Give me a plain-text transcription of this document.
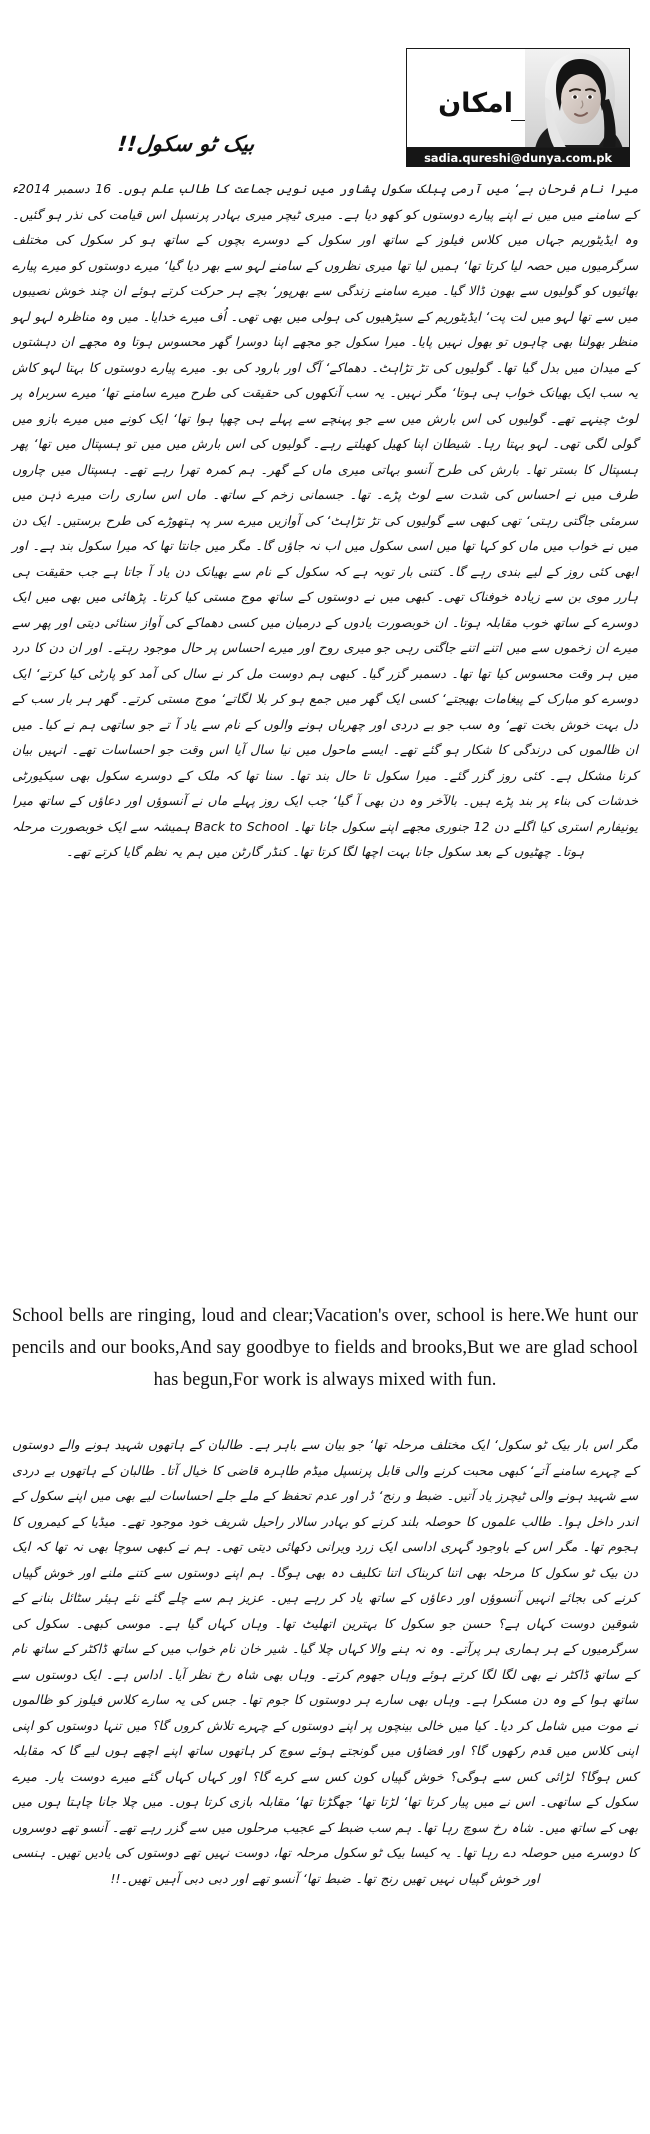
امکان
sadia.qureshi@dunya.com.pk
بیک ٹو سکول!!
میرا نام فرحان ہے‘ میں آرمی پبلک سکول پشاور میں نویں جماعت کا طالب علم ہوں۔ 16 دسمبر 2014ء کے سامنے میں میں نے اپنے پیارے دوستوں کو کھو دیا ہے۔ میری ٹیچر میری بہادر پرنسپل اس قیامت کی نذر ہو گئیں۔ وہ ایڈیٹوریم جہاں میں کلاس فیلوز کے ساتھ اور سکول کے دوسرے بچوں کے ساتھ ہو کر سکول کی مختلف سرگرمیوں میں حصہ لیا کرتا تھا‘ ہمیں لیا تھا میری نظروں کے سامنے لہو سے بھر دیا گیا‘ میرے دوستوں کو میرے پیارے بھائیوں کو گولیوں سے بھون ڈالا گیا۔ میرے سامنے زندگی سے بھرپور‘ بچے ہر حرکت کرتے ہوئے ان چند خوش نصیبوں میں سے تھا لہو میں لت پت‘ ایڈیٹوریم کے سیڑھیوں کی ہولی میں بھی تھی۔ اُف میرے خدایا۔ میں وہ مناظرہ لہو لہو منظر بھولنا بھی چاہوں تو بھول نہیں پایا۔ میرا سکول جو مجھے اپنا دوسرا گھر محسوس ہوتا وہ مجھے ان دہشتوں کے میدان میں بدل گیا تھا۔ گولیوں کی تڑ تڑاہٹ۔ دھماکے‘ آگ اور بارود کی بو۔ میرے پیارے دوستوں کا بہتا لہو کاش یہ سب ایک بھیانک خواب ہی ہوتا‘ مگر نہیں۔ یہ سب آنکھوں کی حقیقت کی طرح میرے سامنے تھا‘ میرے سربراہ پر لوٹ چینہے تھے۔ گولیوں کی اس بارش میں سے جو پہنچے سے پہلے ہی چھپا ہوا تھا‘ ایک کونے میں میرے بازو میں گولی لگی تھی۔ لہو بہتا رہا۔ شیطان اپنا کھیل کھیلتے رہے۔ گولیوں کی اس بارش میں میں تو ہسپتال میں تھا‘ پھر ہسپتال کا بستر تھا۔ بارش کی طرح آنسو بہاتی میری ماں کے گھر۔ ہم کمرہ تھرا رہے تھے۔ ہسپتال میں چاروں طرف میں نے احساس کی شدت سے لوٹ پڑے۔ تھا۔ جسمانی زخم کے ساتھ۔ ماں اس ساری رات میرے ذہن میں سرمئی جاگتی رہتی‘ تھی کبھی سے گولیوں کی تڑ تڑاہٹ‘ کی آوازیں میرے سر پہ ہتھوڑے کی طرح برستیں۔ ایک دن میں نے خواب میں ماں کو کہا تھا میں اسی سکول میں اب نہ جاؤں گا۔ مگر میں جانتا تھا کہ میرا سکول بند ہے۔ اور ابھی کئی روز کے لیے بندی رہے گا۔ کتنی بار توبہ ہے کہ سکول کے نام سے بھیانک دن یاد آ جاتا ہے جب حقیقت ہی ہارر موی بن سے زیادہ خوفناک تھی۔ کبھی میں نے دوستوں کے ساتھ موج مستی کیا کرتا۔ پڑھائی میں بھی میں ایک دوسرے کے ساتھ خوب مقابلہ ہوتا۔ ان خوبصورت یادوں کے درمیان میں کسی دھماکے کی آواز سنائی دیتی اور پھر سے میرے ان زخموں سے میں اتنے اتنے جاگتی رہی جو میری روح اور میرے احساس پر حال موجود رہتے۔ اور ان دن کا درد میں ہر وقت محسوس کیا تھا تھا۔ دسمبر گزر گیا۔ کبھی ہم دوست مل کر نے سال کی آمد کو پارٹی کیا کرتے‘ ایک دوسرے کو مبارک کے پیغامات بھیجتے‘ کسی ایک گھر میں جمع ہو کر بلا لگاتے‘ موج مستی کرتے۔ گھر ہر بار سب کے دل بہت خوش بخت تھے‘ وہ سب جو بے دردی اور چھریاں ہونے والوں کے نام سے یاد آ تے جو ساتھی ہم نے کیا۔ میں ان ظالموں کی درندگی کا شکار ہو گئے تھے۔ ایسے ماحول میں نیا سال آیا اس وقت جو احساسات تھے۔ انہیں بیان کرنا مشکل ہے۔ کئی روز گزر گئے۔ میرا سکول تا حال بند تھا۔ سنا تھا کہ ملک کے دوسرے سکول بھی سیکیورٹی خدشات کی بناء پر بند پڑے ہیں۔ بالآخر وہ دن بھی آ گیا‘ جب ایک روز پہلے ماں نے آنسوؤں اور دعاؤں کے ساتھ میرا یونیفارم استری کیا اگلے دن 12 جنوری مجھے اپنے سکول جانا تھا۔ Back to School ہمیشہ سے ایک خوبصورت مرحلہ ہوتا۔ چھٹیوں کے بعد سکول جانا بہت اچھا لگا کرتا تھا۔ کنڈر گارٹن میں ہم یہ نظم گایا کرتے تھے۔
School bells are ringing, loud and clear;Vacation's over, school is here.We hunt our pencils and our books,And say goodbye to fields and brooks,But we are glad school has begun,For work is always mixed with fun.
مگر اس بار بیک ٹو سکول‘ ایک مختلف مرحلہ تھا‘ جو بیان سے باہر ہے۔ طالبان کے ہاتھوں شہید ہونے والے دوستوں کے چہرے سامنے آتے‘ کبھی محبت کرنے والی قابل پرنسپل میڈم طاہرہ قاضی کا خیال آتا۔ طالبان کے ہاتھوں بے دردی سے شہید ہونے والی ٹیچرز یاد آتیں۔ ضبط و رنج‘ ڈر اور عدم تحفظ کے ملے جلے احساسات لیے بھی میں اپنے سکول کے اندر داخل ہوا۔ طالب علموں کا حوصلہ بلند کرنے کو بہادر سالار راحیل شریف خود موجود تھے۔ میڈیا کے کیمروں کا ہجوم تھا۔ مگر اس کے باوجود گہری اداسی ایک زرد ویرانی دکھائی دیتی تھی۔ ہم نے کبھی سوچا بھی نہ تھا کہ ایک دن بیک ٹو سکول کا مرحلہ بھی اتنا کربناک اتنا تکلیف دہ بھی ہوگا۔ ہم اپنے دوستوں سے کتنے ملنے اور خوش گپیاں کرنے کی بجائے انہیں آنسوؤں اور دعاؤں کے ساتھ یاد کر رہے ہیں۔ عزیز ہم سے چلے گئے نئے ہیئر سٹائل بنانے کے شوقین دوست کہاں ہے؟ حسن جو سکول کا بہترین اتھلیٹ تھا۔ وہاں کہاں گیا ہے۔ موسی کبھی۔ سکول کی سرگرمیوں کے ہر ہماری ہر پرآتے۔ وہ نہ ہنے والا کہاں چلا گیا۔ شیر خان نام خواب میں کے ساتھ ڈاکٹر کے ساتھ نام کے ساتھ ڈاکٹر نے بھی لگا لگا کرتے ہوئے وہاں جھوم کرتے۔ وہاں بھی شاہ رخ نظر آیا۔ اداس ہے۔ ایک دوستوں سے ساتھ ہوا کے وہ دن مسکرا ہے۔ وہاں بھی سارے ہر دوستوں کا جوم تھا۔ جس کی یہ سارے کلاس فیلوز کو ظالموں نے موت میں شامل کر دیا۔ کیا میں خالی بینچوں پر اپنے دوستوں کے چہرے تلاش کروں گا؟ میں تنہا دوستوں کو اپنی اپنی کلاس میں قدم رکھوں گا؟ اور فضاؤں میں گونجتے ہوئے سوچ کر ہاتھوں ساتھ اپنے اچھے ہوں لیے گا کہ مقابلہ کس ہوگا؟ لڑائی کس سے ہوگی؟ خوش گپیاں کون کس سے کرے گا؟ اور کہاں کہاں گئے میرے دوست یار۔ میرے سکول کے ساتھی۔ اس نے میں پیار کرتا تھا‘ لڑتا تھا‘ جھگڑتا تھا‘ مقابلہ بازی کرتا ہوں۔ میں چلا جانا چاہتا ہوں میں بھی کے ساتھ میں۔ شاہ رخ سوچ رہا تھا۔ ہم سب ضبط کے عجیب مرحلوں میں سے گزر رہے تھے۔ آنسو تھے دوسروں کا دوسرے میں حوصلہ دے رہا تھا۔ یہ کیسا بیک ٹو سکول مرحلہ تھا، دوست نہیں تھے دوستوں کی یادیں تھیں۔ ہنسی اور خوش گپیاں نہیں تھیں رنج تھا۔ ضبط تھا‘ آنسو تھے اور دبی دبی آہیں تھیں۔!!
